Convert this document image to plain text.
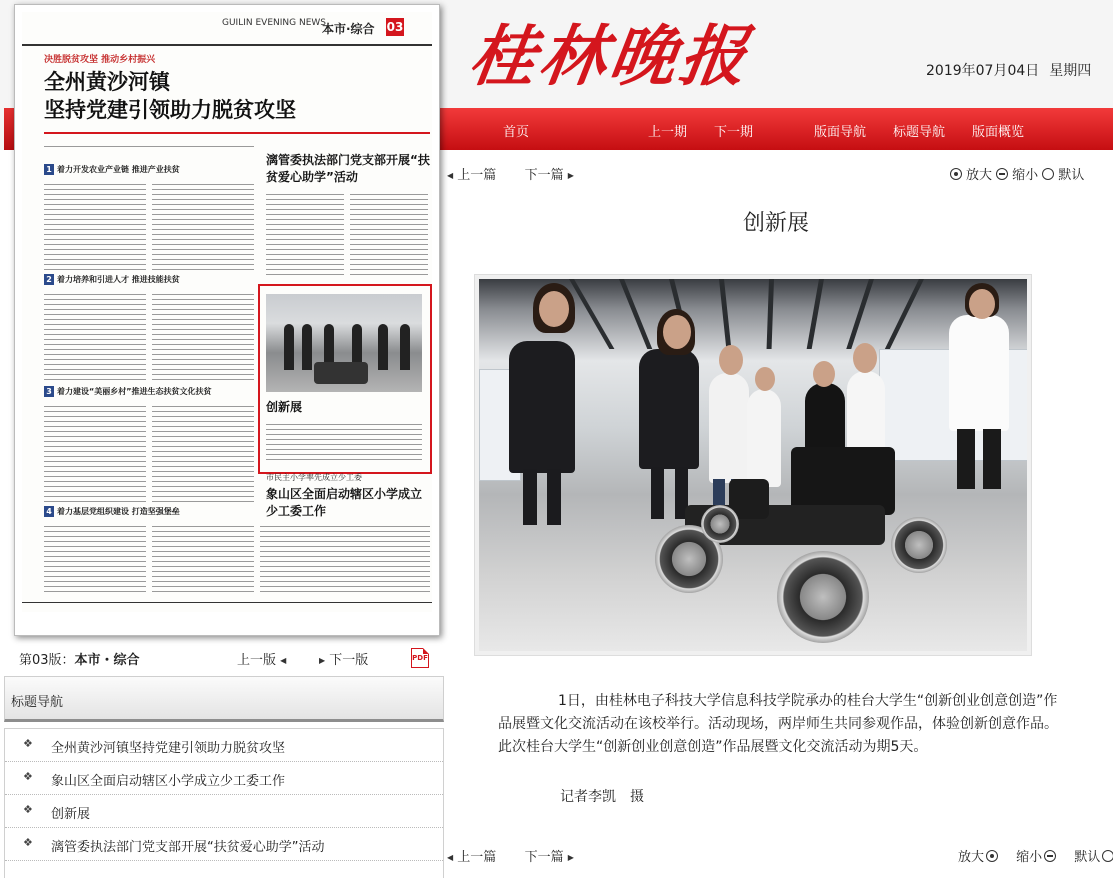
桂林晚报	2019年07月04日 星期四
首页	上一期 下一期	版面导航 标题导航 版面概览
GUILIN EVENING NEWS
本市·综合 03
决胜脱贫攻坚 推动乡村振兴
全州黄沙河镇
坚持党建引领助力脱贫攻坚
1 着力开发农业产业链 推进产业扶贫
2 着力培养和引进人才 推进技能扶贫
3 着力建设“美丽乡村”推进生态扶贫文化扶贫
4 着力基层党组织建设 打造坚强堡垒
漓管委执法部门党支部开展“扶贫爱心助学”活动
创新展
市民主小学率先成立少工委
象山区全面启动辖区小学成立少工委工作
第03版：本市・综合	上一版 ◀	▶ 下一版	PDF
标题导航
❖ 全州黄沙河镇坚持党建引领助力脱贫攻坚
❖ 象山区全面启动辖区小学成立少工委工作
❖ 创新展
❖ 漓管委执法部门党支部开展“扶贫爱心助学”活动
◀ 上一篇 下一篇 ▶	放大 缩小 默认
创新展

1日，由桂林电子科技大学信息科技学院承办的桂台大学生“创新创业创意创造”作品展暨文化交流活动在该校举行。活动现场，两岸师生共同参观作品，体验创新创意作品。此次桂台大学生“创新创业创意创造”作品展暨文化交流活动为期5天。

记者李凯　摄
◀ 上一篇 下一篇 ▶	放大 缩小 默认
